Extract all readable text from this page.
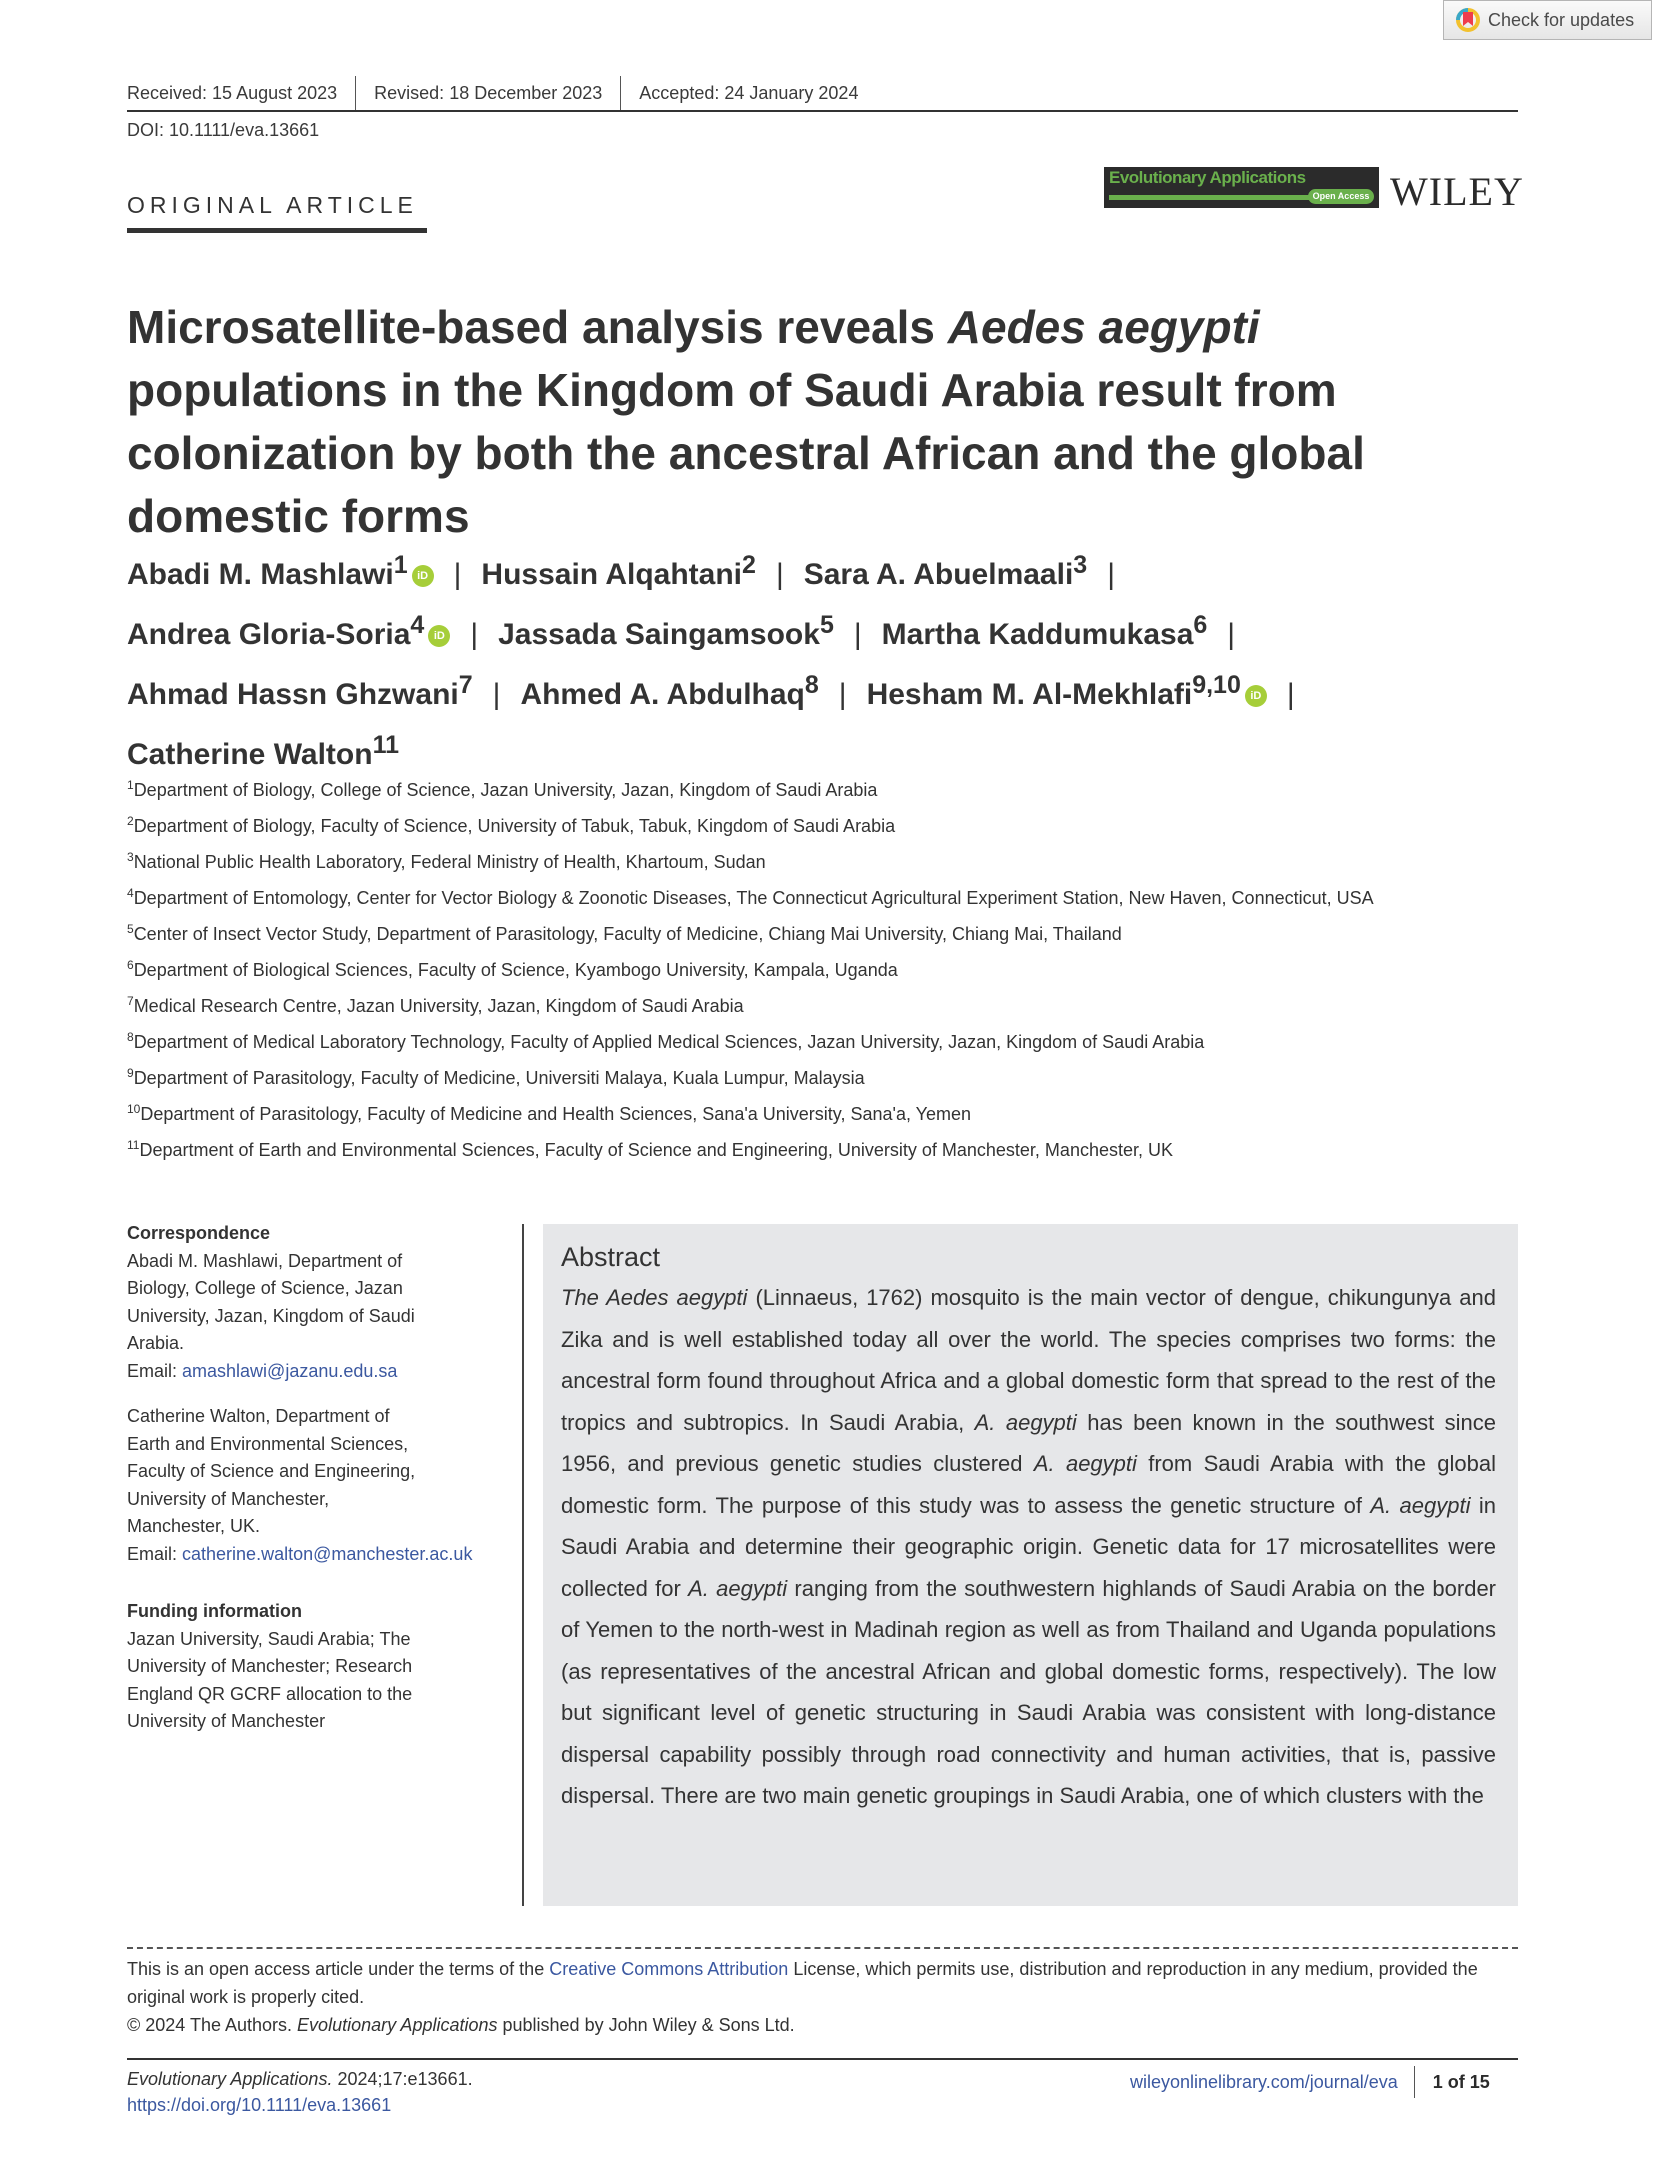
Check for updates
Received: 15 August 2023	Revised: 18 December 2023	Accepted: 24 January 2024
DOI: 10.1111/eva.13661
ORIGINAL ARTICLE
Evolutionary Applications
Open Access WILEY
Microsatellite-based analysis reveals Aedes aegypti populations in the Kingdom of Saudi Arabia result from colonization by both the ancestral African and the global domestic forms
Abadi M. Mashlawi$^1$ iD | Hussain Alqahtani$^2$ | Sara A. Abuelmaali$^3$ |
Andrea Gloria-Soria$^4$ iD | Jassada Saingamsook$^5$ | Martha Kaddumukasa$^6$ |
Ahmad Hassn Ghzwani$^7$ | Ahmed A. Abdulhaq$^8$ | Hesham M. Al-Mekhlafi$^{9,10}$ iD |
Catherine Walton$^{11}$
$^1$Department of Biology, College of Science, Jazan University, Jazan, Kingdom of Saudi Arabia
$^2$Department of Biology, Faculty of Science, University of Tabuk, Tabuk, Kingdom of Saudi Arabia
$^3$National Public Health Laboratory, Federal Ministry of Health, Khartoum, Sudan
$^4$Department of Entomology, Center for Vector Biology & Zoonotic Diseases, The Connecticut Agricultural Experiment Station, New Haven, Connecticut, USA
$^5$Center of Insect Vector Study, Department of Parasitology, Faculty of Medicine, Chiang Mai University, Chiang Mai, Thailand
$^6$Department of Biological Sciences, Faculty of Science, Kyambogo University, Kampala, Uganda
$^7$Medical Research Centre, Jazan University, Jazan, Kingdom of Saudi Arabia
$^8$Department of Medical Laboratory Technology, Faculty of Applied Medical Sciences, Jazan University, Jazan, Kingdom of Saudi Arabia
$^9$Department of Parasitology, Faculty of Medicine, Universiti Malaya, Kuala Lumpur, Malaysia
$^{10}$Department of Parasitology, Faculty of Medicine and Health Sciences, Sana'a University, Sana'a, Yemen
$^{11}$Department of Earth and Environmental Sciences, Faculty of Science and Engineering, University of Manchester, Manchester, UK
Correspondence
Abadi M. Mashlawi, Department of Biology, College of Science, Jazan University, Jazan, Kingdom of Saudi Arabia.
Email: amashlawi@jazanu.edu.sa
Catherine Walton, Department of Earth and Environmental Sciences, Faculty of Science and Engineering, University of Manchester, Manchester, UK.
Email: catherine.walton@manchester.ac.uk
Funding information
Jazan University, Saudi Arabia; The University of Manchester; Research England QR GCRF allocation to the University of Manchester
Abstract

The Aedes aegypti (Linnaeus, 1762) mosquito is the main vector of dengue, chikungunya and Zika and is well established today all over the world. The species comprises two forms: the ancestral form found throughout Africa and a global domestic form that spread to the rest of the tropics and subtropics. In Saudi Arabia, A. aegypti has been known in the southwest since 1956, and previous genetic studies clustered A. aegypti from Saudi Arabia with the global domestic form. The purpose of this study was to assess the genetic structure of A. aegypti in Saudi Arabia and determine their geographic origin. Genetic data for 17 microsatellites were collected for A. aegypti ranging from the southwestern highlands of Saudi Arabia on the border of Yemen to the north-west in Madinah region as well as from Thailand and Uganda populations (as representatives of the ancestral African and global domestic forms, respectively). The low but significant level of genetic structuring in Saudi Arabia was consistent with long-distance dispersal capability possibly through road connectivity and human activities, that is, passive dispersal. There are two main genetic groupings in Saudi Arabia, one of which clusters with the

This is an open access article under the terms of the Creative Commons Attribution License, which permits use, distribution and reproduction in any medium, provided the original work is properly cited.
© 2024 The Authors. Evolutionary Applications published by John Wiley & Sons Ltd.
Evolutionary Applications. 2024;17:e13661.
https://doi.org/10.1111/eva.13661
wileyonlinelibrary.com/journal/eva	1 of 15
